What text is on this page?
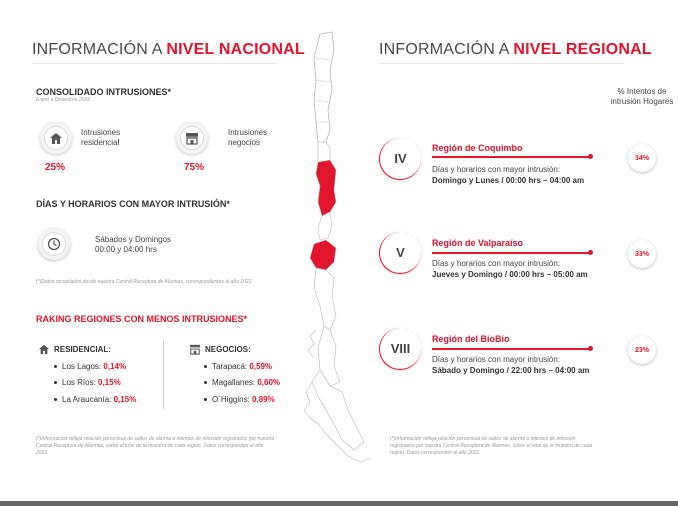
INFORMACIÓN A NIVEL NACIONAL
CONSOLIDADO INTRUSIONES*
Enero a Diciembre 2022
Intrusiones
residencial
25%
Intrusiones
negocios
75%
DÍAS Y HORARIOS CON MAYOR INTRUSIÓN*
Sábados y Domingos
00:00 y 04:00 hrs
(*)Datos recopilados desde nuestra Central Receptora de Alarmas, correspondientes al año 2022.
RAKING REGIONES CON MENOS INTRUSIONES*
RESIDENCIAL:
Los Lagos: 0,14%
Los Ríos: 0,15%
La Araucanía: 0,15%
NEGOCIOS:
Tarapacá: 0,59%
Magallanes: 0,60%
O´Higgins: 0,89%
(*)Información refleja relación porcentual de saltos de alarma o intentos de intrusión registrados por nuestra Central Receptora de Alarmas, sobre el total de la muestra de cada región. Datos corresponden al año 2022.
INFORMACIÓN A NIVEL REGIONAL
% Intentos de
intrusión Hogares
IV
Región de Coquimbo
Días y horarios con mayor intrusión:
Domingo y Lunes / 00:00 hrs – 04:00 am
34%
V
Región de Valparaíso
Días y horarios con mayor intrusión:
Jueves y Domingo / 00:00 hrs – 05:00 am
33%
VIII
Región del BioBío
Días y horarios con mayor intrusión:
Sábado y Domingo / 22:00 hrs – 04:00 am
23%
(*)Información refleja relación porcentual de saltos de alarma o intentos de intrusión registrados por nuestra Central Receptora de Alarmas, sobre el total de la muestra de cada región. Datos corresponden al año 2022.
